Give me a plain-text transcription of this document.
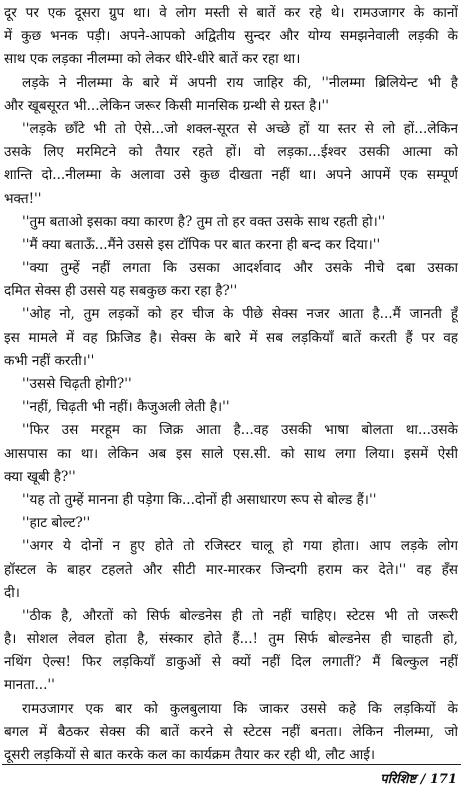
दूर पर एक दूसरा ग्रुप था। वे लोग मस्ती से बातें कर रहे थे। रामउजागर के कानों
में कुछ भनक पड़ी। अपने-आपको अद्वितीय सुन्दर और योग्य समझनेवाली लड़की के
साथ एक लड़का नीलम्मा को लेकर धीरे-धीरे बातें कर रहा था।
लड़के ने नीलम्मा के बारे में अपनी राय जाहिर की, ''नीलम्मा ब्रिलियेन्ट भी है
और खूबसूरत भी...लेकिन जरूर किसी मानसिक ग्रन्थी से ग्रस्त है।''
''लड़के छाँटे भी तो ऐसे...जो शक्ल-सूरत से अच्छे हों या स्तर से लो हों...लेकिन
उसके लिए मरमिटने को तैयार रहते हों। वो लड़का...ईश्वर उसकी आत्मा को
शान्ति दो...नीलम्मा के अलावा उसे कुछ दीखता नहीं था। अपने आपमें एक सम्पूर्ण
भक्त!''
''तुम बताओ इसका क्या कारण है? तुम तो हर वक्त उसके साथ रहती हो।''
''मैं क्या बताऊँ...मैंने उससे इस टॉपिक पर बात करना ही बन्द कर दिया।''
''क्या तुम्हें नहीं लगता कि उसका आदर्शवाद और उसके नीचे दबा उसका
दमित सेक्स ही उससे यह सबकुछ करा रहा है?''
''ओह नो, तुम लड़कों को हर चीज के पीछे सेक्स नजर आता है...मैं जानती हूँ
इस मामले में वह फ्रिजिड है। सेक्स के बारे में सब लड़कियाँ बातें करती हैं पर वह
कभी नहीं करती।''
''उससे चिढ़ती होगी?''
''नहीं, चिढ़ती भी नहीं। कैजुअली लेती है।''
''फिर उस मरहूम का जिक्र आता है...वह उसकी भाषा बोलता था...उसके
आसपास का था। लेकिन अब इस साले एस.सी. को साथ लगा लिया। इसमें ऐसी
क्या खूबी है?''
''यह तो तुम्हें मानना ही पड़ेगा कि...दोनों ही असाधारण रूप से बोल्ड हैं।''
''हाट बोल्ट?''
''अगर ये दोनों न हुए होते तो रजिस्टर चालू हो गया होता। आप लड़के लोग
हॉस्टल के बाहर टहलते और सीटी मार-मारकर जिन्दगी हराम कर देते।'' वह हँस
दी।
''ठीक है, औरतों को सिर्फ बोल्डनेस ही तो नहीं चाहिए। स्टेटस भी तो जरूरी
है। सोशल लेवल होता है, संस्कार होते हैं...! तुम सिर्फ बोल्डनेस ही चाहती हो,
नथिंग ऐल्स! फिर लड़कियाँ डाकुओं से क्यों नहीं दिल लगातीं? मैं बिल्कुल नहीं
मानता...''
रामउजागर एक बार को कुलबुलाया कि जाकर उससे कहे कि लड़कियों के
बगल में बैठकर सेक्स की बातें करने से स्टेटस नहीं बनता। लेकिन नीलम्मा, जो
दूसरी लड़कियों से बात करके कल का कार्यक्रम तैयार कर रही थी, लौट आई।
परिशिष्ट / 171
